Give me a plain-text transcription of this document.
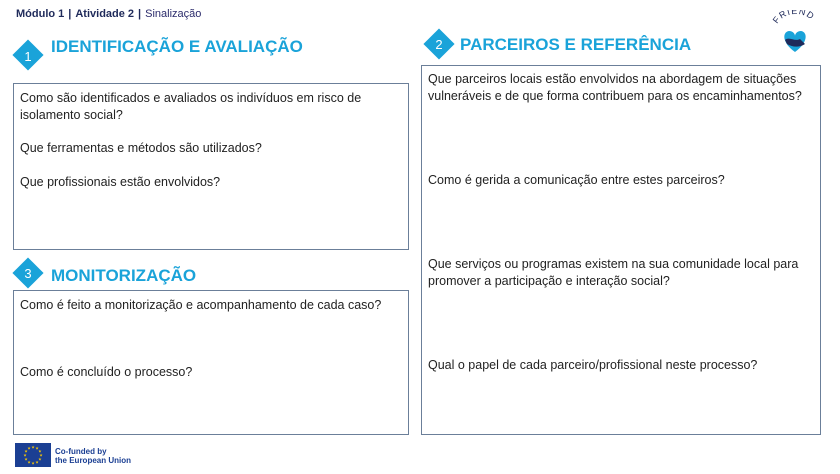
Módulo 1 | Atividade 2 | Sinalização	FRIEND
1
IDENTIFICAÇÃO E AVALIAÇÃO
Como são identificados e avaliados os indivíduos em risco de isolamento social?
Que ferramentas e métodos são utilizados?
Que profissionais estão envolvidos?
3	MONITORIZAÇÃO
Como é feito a monitorização e acompanhamento de cada caso?
Como é concluído o processo?
2	PARCEIROS E REFERÊNCIA
Que parceiros locais estão envolvidos na abordagem de situações vulneráveis e de que forma contribuem para os encaminhamentos?
Como é gerida a comunicação entre estes parceiros?
Que serviços ou programas existem na sua comunidade local para promover a participação e interação social?
Qual o papel de cada parceiro/profissional neste processo?
★ ★
★
★
★
★
★
★
★
★
★
★	Co-funded by
the European Union
